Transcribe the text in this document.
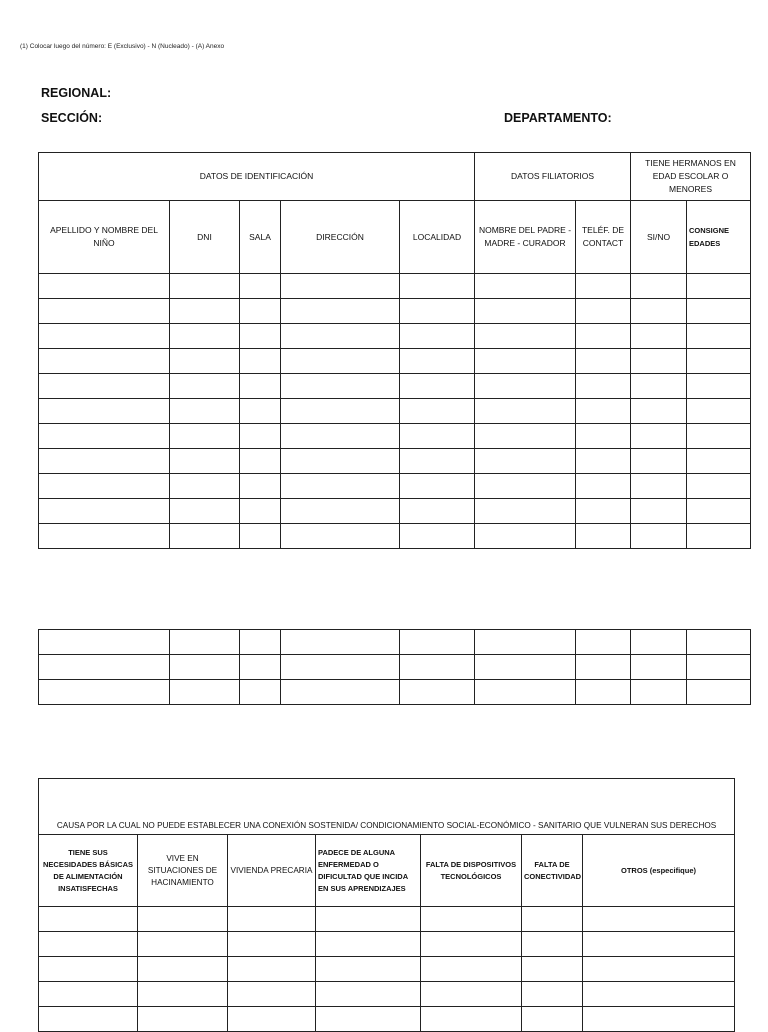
(1) Colocar luego del número: E (Exclusivo) - N (Nucleado) - (A) Anexo
REGIONAL:
SECCIÓN:	DEPARTAMENTO:
DATOS DE IDENTIFICACIÓN					DATOS FILIATORIOS		TIENE HERMANOS EN EDAD ESCOLAR O MENORES	
APELLIDO Y NOMBRE DEL NIÑO	DNI	SALA	DIRECCIÓN	LOCALIDAD	NOMBRE DEL PADRE - MADRE - CURADOR	TELÉF. DE CONTACT	SI/NO	CONSIGNE EDADES

CAUSA POR LA CUAL NO PUEDE ESTABLECER UNA CONEXIÓN SOSTENIDA/ CONDICIONAMIENTO SOCIAL-ECONÓMICO - SANITARIO QUE VULNERAN SUS DERECHOS						
TIENE SUS NECESIDADES BÁSICAS DE ALIMENTACIÓN INSATISFECHAS	VIVE EN SITUACIONES DE HACINAMIENTO	VIVIENDA PRECARIA	PADECE DE ALGUNA ENFERMEDAD O DIFICULTAD QUE INCIDA EN SUS APRENDIZAJES	FALTA DE DISPOSITIVOS TECNOLÓGICOS	FALTA DE CONECTIVIDAD	OTROS (especifique)
